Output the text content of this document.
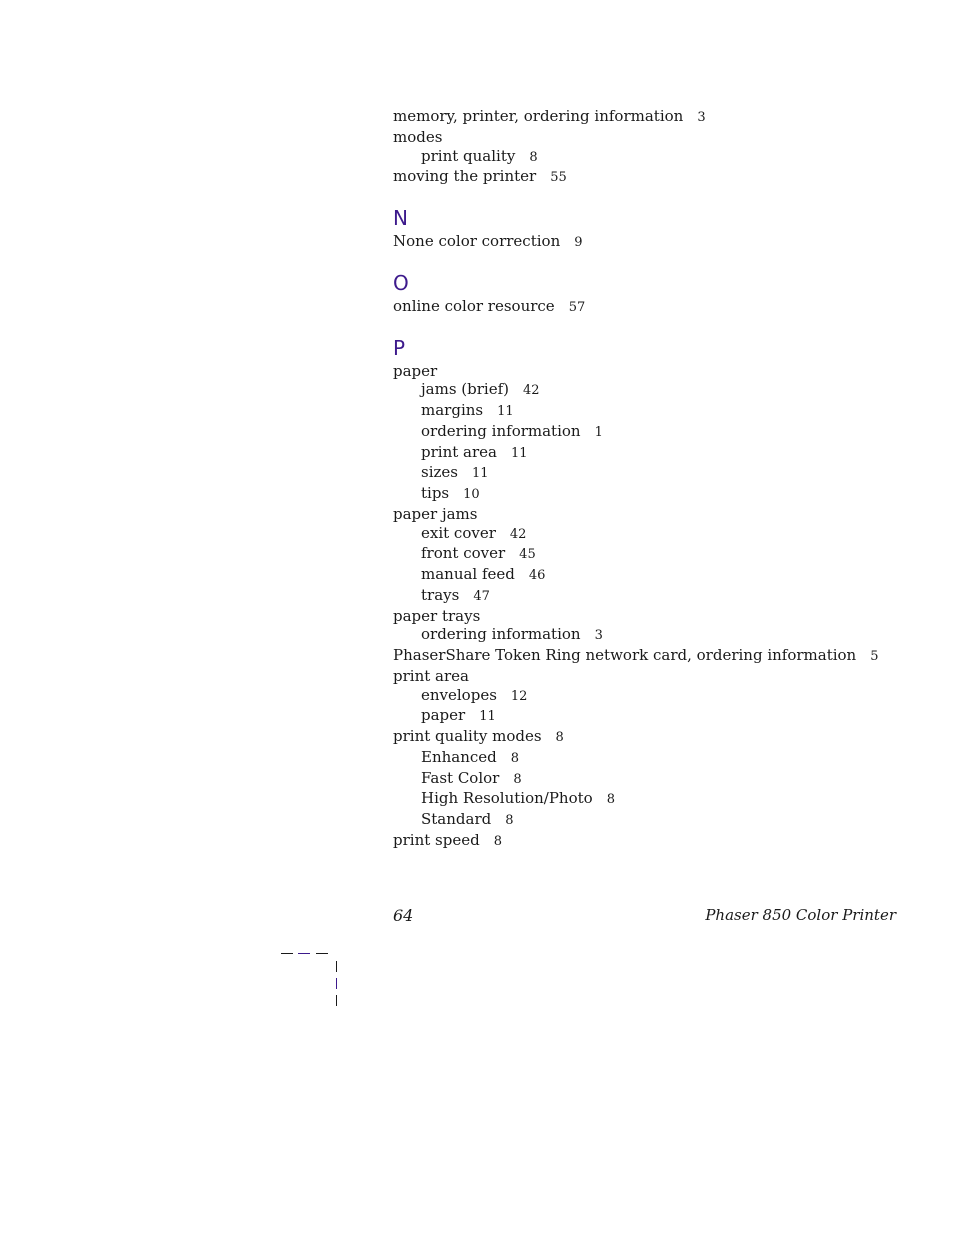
memory, printer, ordering information 3
modes
print quality 8
moving the printer 55
N
None color correction 9
O
online color resource 57
P
paper
jams (brief) 42
margins 11
ordering information 1
print area 11
sizes 11
tips 10
paper jams
exit cover 42
front cover 45
manual feed 46
trays 47
paper trays
ordering information 3
PhaserShare Token Ring network card, ordering information 5
print area
envelopes 12
paper 11
print quality modes 8
Enhanced 8
Fast Color 8
High Resolution/Photo 8
Standard 8
print speed 8
64	Phaser 850 Color Printer
